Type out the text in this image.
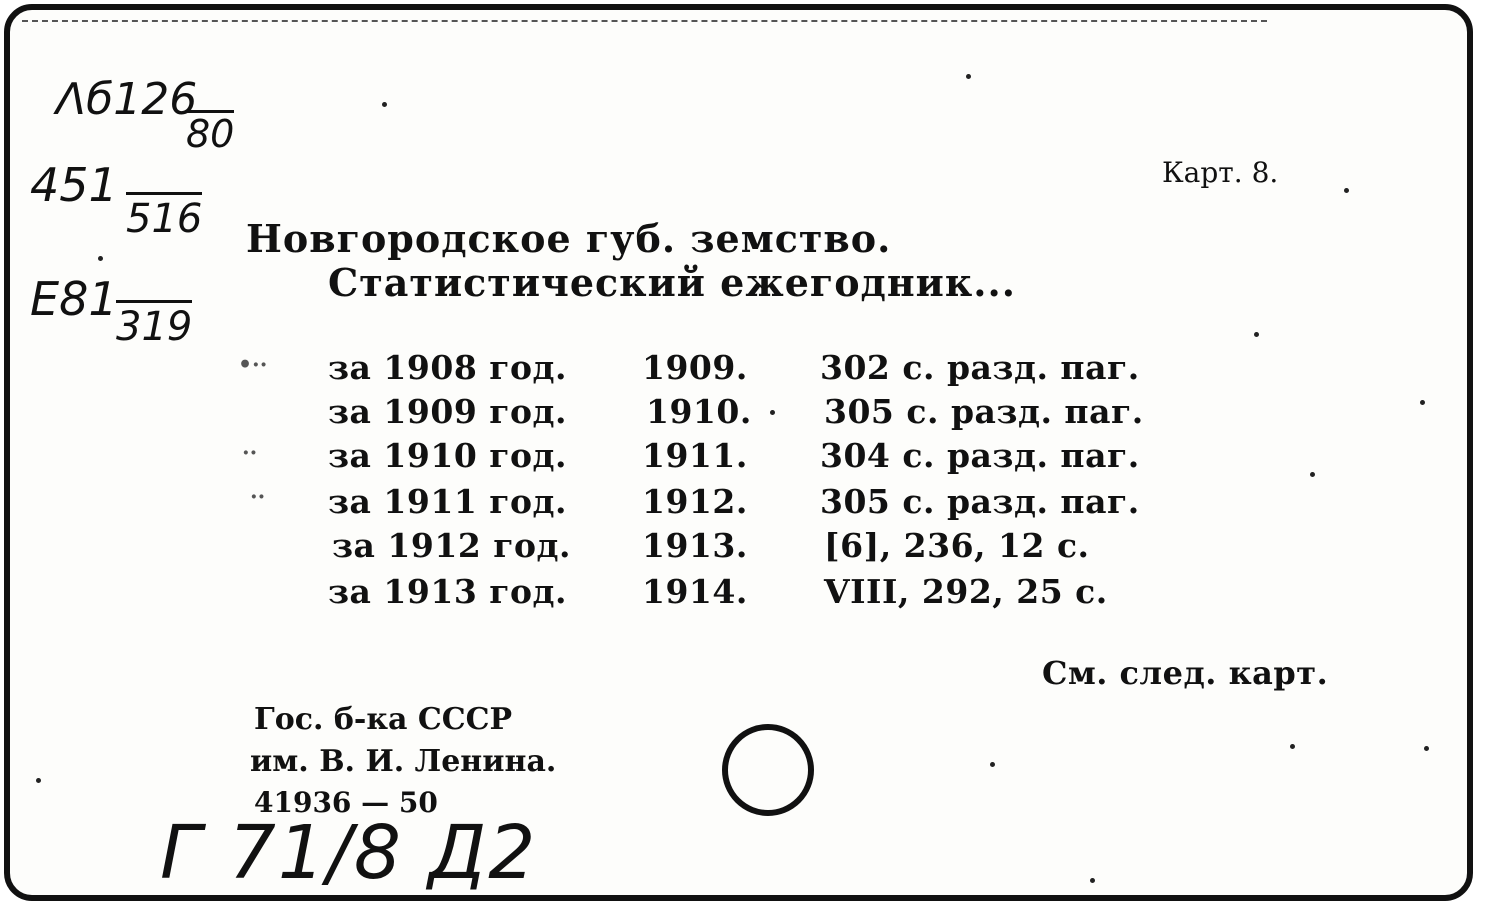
Λб126
80
451
516
Е81
319
Карт. 8.
Новгородское губ. земство.
Статистический ежегодник...
за 1908 год. 1909. 302 с. разд. паг.
за 1909 год. 1910. 305 с. разд. паг.
за 1910 год. 1911. 304 с. разд. паг.
за 1911 год. 1912. 305 с. разд. паг.
за 1912 год. 1913. [6], 236, 12 с.
за 1913 год. 1914. VIII, 292, 25 с.
•··
··
··
См. след. карт.
Гос. б-ка СССР
им. В. И. Ленина.
41936 — 50
Г 71/8 Д2
